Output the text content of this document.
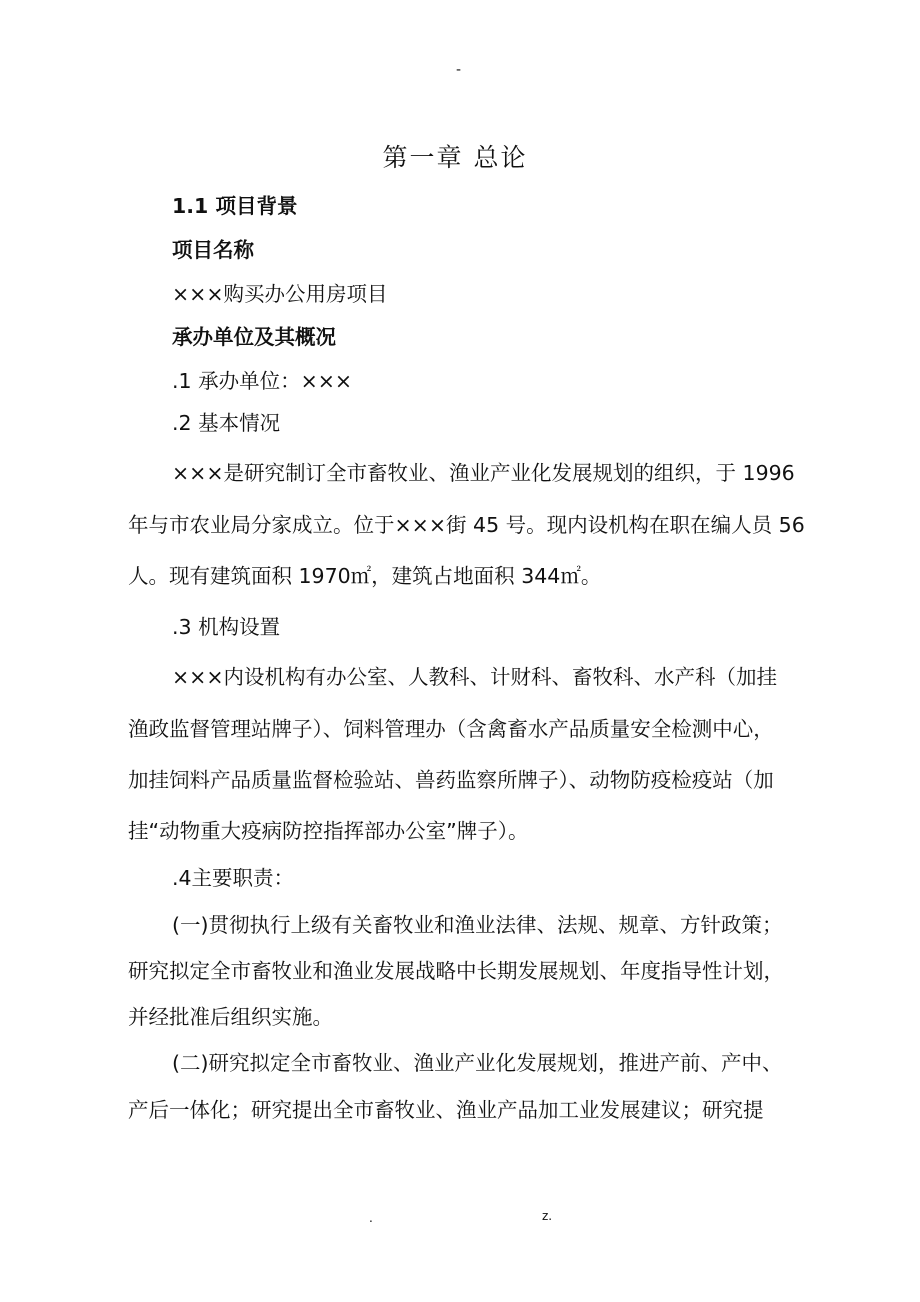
-
第一章 总论
1.1 项目背景
项目名称
×××购买办公用房项目
承办单位及其概况
.1 承办单位：×××
.2 基本情况
×××是研究制订全市畜牧业、渔业产业化发展规划的组织，于 1996
年与市农业局分家成立。位于×××街 45 号。现内设机构在职在编人员 56
人。现有建筑面积 1970㎡，建筑占地面积 344㎡。
.3 机构设置
×××内设机构有办公室、人教科、计财科、畜牧科、水产科（加挂
渔政监督管理站牌子）、饲料管理办（含禽畜水产品质量安全检测中心，
加挂饲料产品质量监督检验站、兽药监察所牌子）、动物防疫检疫站（加
挂“动物重大疫病防控指挥部办公室”牌子）。
.4主要职责：
(一)贯彻执行上级有关畜牧业和渔业法律、法规、规章、方针政策；
研究拟定全市畜牧业和渔业发展战略中长期发展规划、年度指导性计划，
并经批准后组织实施。
(二)研究拟定全市畜牧业、渔业产业化发展规划，推进产前、产中、
产后一体化；研究提出全市畜牧业、渔业产品加工业发展建议；研究提
.	z.
